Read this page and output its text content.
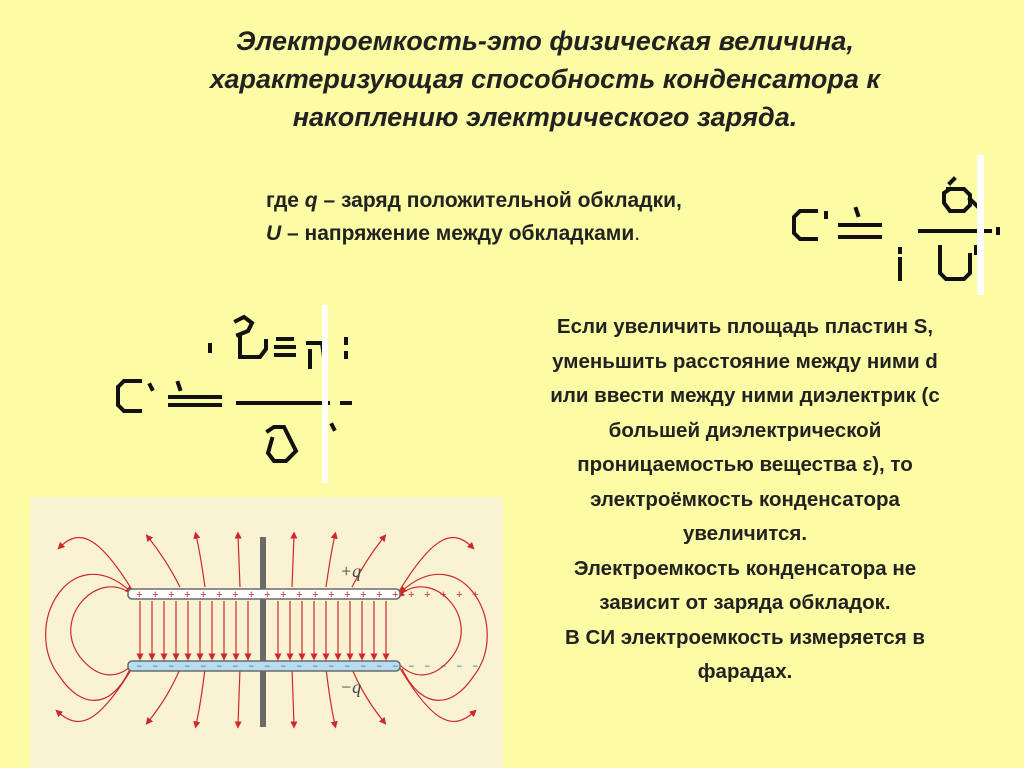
Электроемкость-это физическая величина,
характеризующая способность конденсатора к
накоплению электрического заряда.
где q – заряд положительной обкладки,
U – напряжение между обкладками.
Если увеличить площадь пластин S,
уменьшить расстояние между ними d
или ввести между ними диэлектрик (с
большей диэлектрической
проницаемостью вещества ε), то
электроёмкость конденсатора
увеличится.
Электроемкость конденсатора не
зависит от заряда обкладок.
В СИ электроемкость измеряется в
фарадах.
+ + + + + + + + + + + + + + + + + + + + + +
– – – – – – – – – – – – – – – – – – – – – –
+q
−q
